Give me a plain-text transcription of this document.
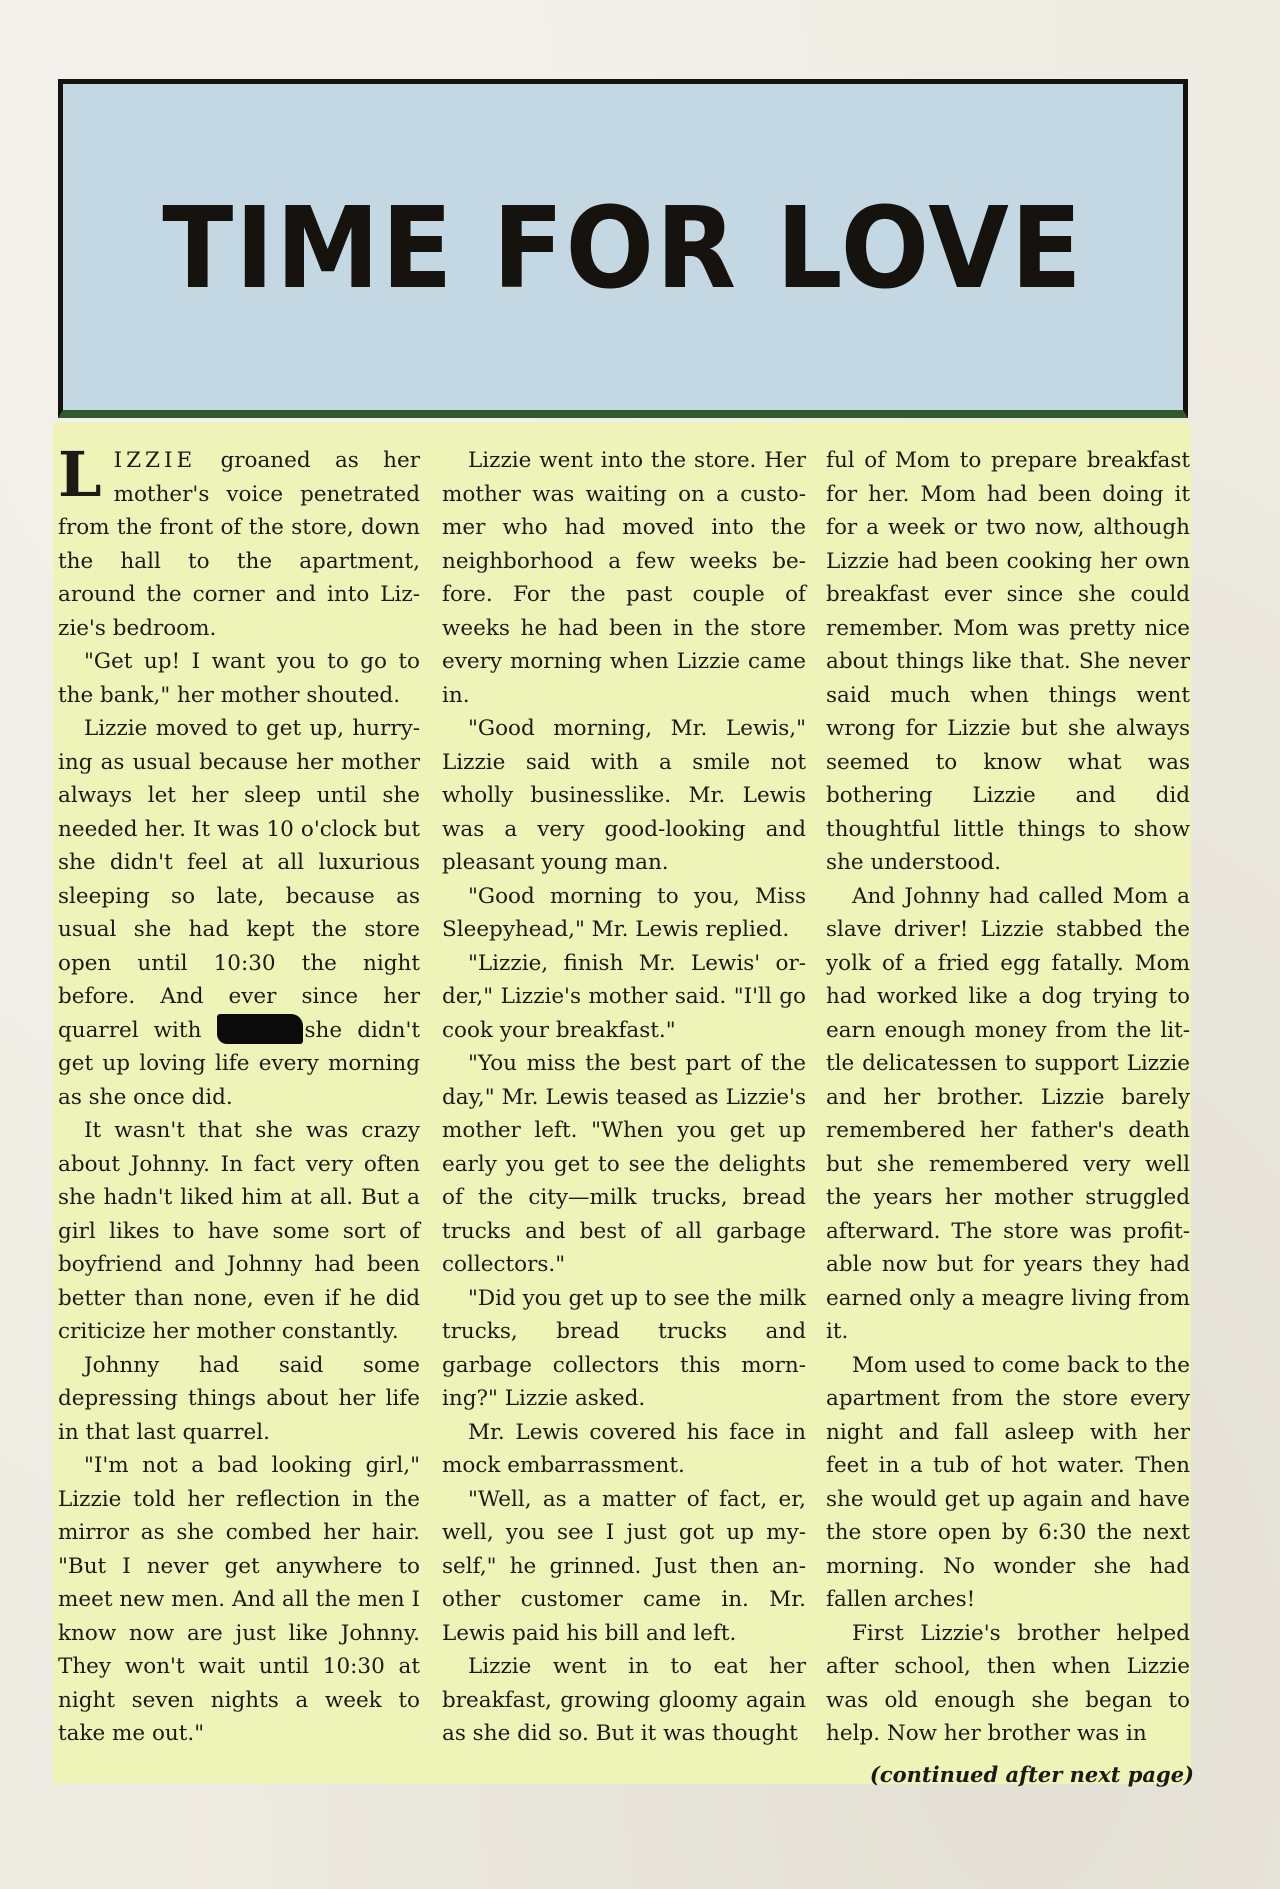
TIME FOR LOVE

LIZZIE groaned as her mother's voice penetrated from the front of the store, down the hall to the apartment, around the corner and into Lizzie's bedroom.

"Get up! I want you to go to the bank," her mother shouted.

Lizzie moved to get up, hurrying as usual because her mother always let her sleep until she needed her. It was 10 o'clock but she didn't feel at all luxurious sleeping so late, because as usual she had kept the store open until 10:30 the night before. And ever since her quarrel with	she didn't get up loving life every morning as she once did.

It wasn't that she was crazy about Johnny. In fact very often she hadn't liked him at all. But a girl likes to have some sort of boyfriend and Johnny had been better than none, even if he did criticize her mother constantly.

Johnny had said some depressing things about her life in that last quarrel.

"I'm not a bad looking girl," Lizzie told her reflection in the mirror as she combed her hair. "But I never get anywhere to meet new men. And all the men I know now are just like Johnny. They won't wait until 10:30 at night seven nights a week to take me out."

Lizzie went into the store. Her mother was waiting on a customer who had moved into the neighborhood a few weeks before. For the past couple of weeks he had been in the store every morning when Lizzie came in.

"Good morning, Mr. Lewis," Lizzie said with a smile not wholly businesslike. Mr. Lewis was a very good-looking and pleasant young man.

"Good morning to you, Miss Sleepyhead," Mr. Lewis replied.

"Lizzie, finish Mr. Lewis' order," Lizzie's mother said. "I'll go cook your breakfast."

"You miss the best part of the day," Mr. Lewis teased as Lizzie's mother left. "When you get up early you get to see the delights of the city—milk trucks, bread trucks and best of all garbage collectors."

"Did you get up to see the milk trucks, bread trucks and garbage collectors this morning?" Lizzie asked.

Mr. Lewis covered his face in mock embarrassment.

"Well, as a matter of fact, er, well, you see I just got up myself," he grinned. Just then another customer came in. Mr. Lewis paid his bill and left.

Lizzie went in to eat her breakfast, growing gloomy again as she did so. But it was thought

ful of Mom to prepare breakfast for her. Mom had been doing it for a week or two now, although Lizzie had been cooking her own breakfast ever since she could remember. Mom was pretty nice about things like that. She never said much when things went wrong for Lizzie but she always seemed to know what was bothering Lizzie and did thoughtful little things to show she understood.

And Johnny had called Mom a slave driver! Lizzie stabbed the yolk of a fried egg fatally. Mom had worked like a dog trying to earn enough money from the little delicatessen to support Lizzie and her brother. Lizzie barely remembered her father's death but she remembered very well the years her mother struggled afterward. The store was profitable now but for years they had earned only a meagre living from it.

Mom used to come back to the apartment from the store every night and fall asleep with her feet in a tub of hot water. Then she would get up again and have the store open by 6:30 the next morning. No wonder she had fallen arches!

First Lizzie's brother helped after school, then when Lizzie was old enough she began to help. Now her brother was in

(continued after next page)
